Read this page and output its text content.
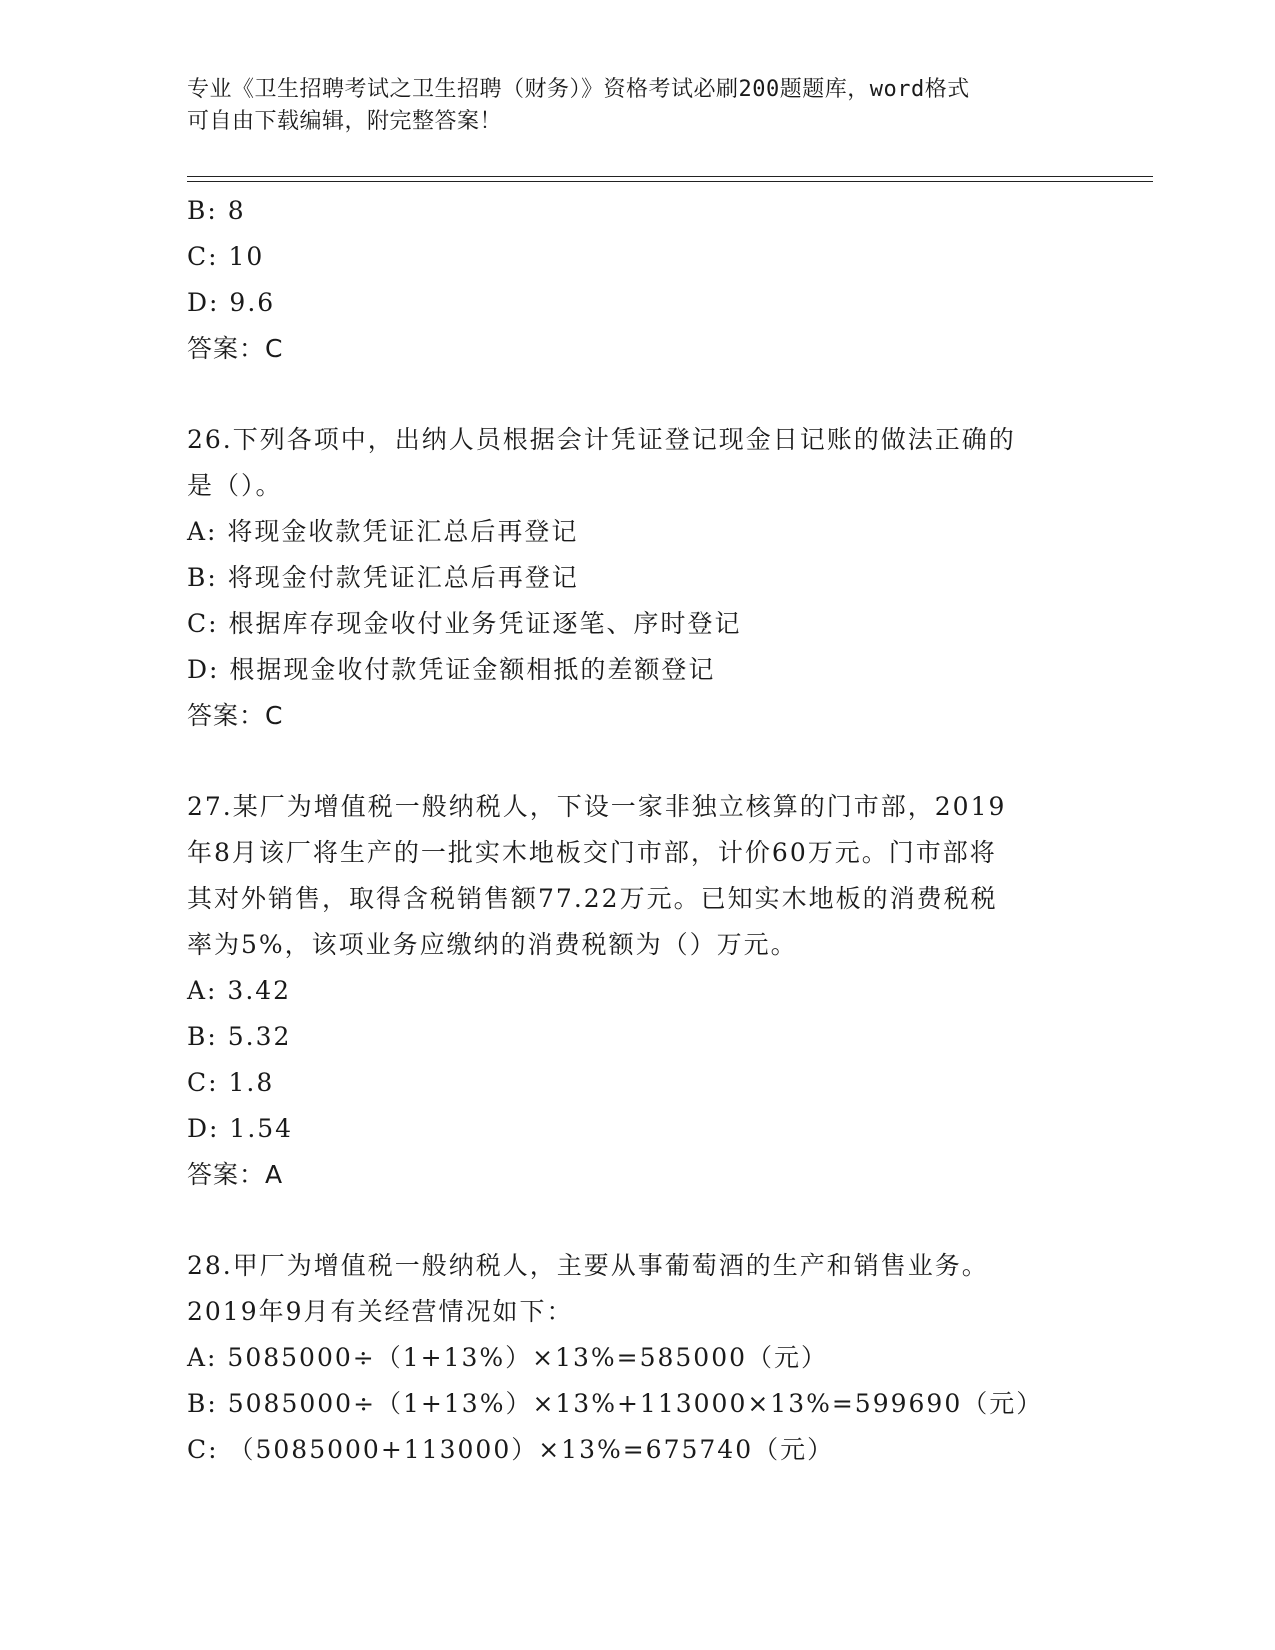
专业《卫生招聘考试之卫生招聘（财务）》资格考试必刷200题题库，word格式
可自由下载编辑，附完整答案！
B: 8
C: 10
D: 9.6
答案：C
26.下列各项中，出纳人员根据会计凭证登记现金日记账的做法正确的
是（）。
A: 将现金收款凭证汇总后再登记
B: 将现金付款凭证汇总后再登记
C: 根据库存现金收付业务凭证逐笔、序时登记
D: 根据现金收付款凭证金额相抵的差额登记
答案：C
27.某厂为增值税一般纳税人，下设一家非独立核算的门市部，2019
年8月该厂将生产的一批实木地板交门市部，计价60万元。门市部将
其对外销售，取得含税销售额77.22万元。已知实木地板的消费税税
率为5%，该项业务应缴纳的消费税额为（）万元。
A: 3.42
B: 5.32
C: 1.8
D: 1.54
答案：A
28.甲厂为增值税一般纳税人，主要从事葡萄酒的生产和销售业务。
2019年9月有关经营情况如下：
A: 5085000÷（1+13%）×13%=585000（元）
B: 5085000÷（1+13%）×13%+113000×13%=599690（元）
C: （5085000+113000）×13%=675740（元）
